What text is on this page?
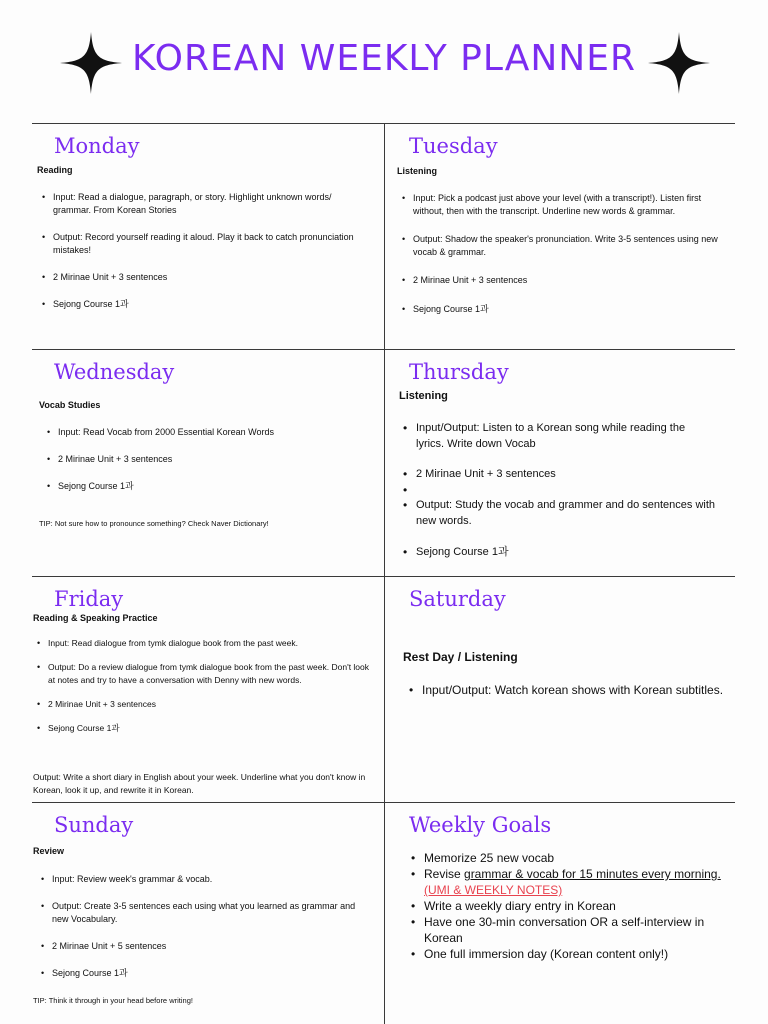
KOREAN WEEKLY PLANNER
Monday
Reading
• Input: Read a dialogue, paragraph, or story. Highlight unknown words/ grammar. From Korean Stories
• Output: Record yourself reading it aloud. Play it back to catch pronunciation mistakes!
• 2 Mirinae Unit + 3 sentences
• Sejong Course 1과
Tuesday
Listening
• Input: Pick a podcast just above your level (with a transcript!). Listen first without, then with the transcript. Underline new words & grammar.
• Output: Shadow the speaker's pronunciation. Write 3-5 sentences using new vocab & grammar.
• 2 Mirinae Unit + 3 sentences
• Sejong Course 1과
Wednesday
Vocab Studies
• Input: Read Vocab from 2000 Essential Korean Words
• 2 Mirinae Unit + 3 sentences
• Sejong Course 1과
TIP: Not sure how to pronounce something? Check Naver Dictionary!
Thursday
Listening
• Input/Output: Listen to a Korean song while reading the lyrics. Write down Vocab
• 2 Mirinae Unit + 3 sentences
•
• Output: Study the vocab and grammer and do sentences with new words.
• Sejong Course 1과
Friday
Reading & Speaking Practice
• Input: Read dialogue from tymk dialogue book from the past week.
• Output: Do a review dialogue from tymk dialogue book from the past week. Don't look at notes and try to have a conversation with Denny with new words.
• 2 Mirinae Unit + 3 sentences
• Sejong Course 1과
Output: Write a short diary in English about your week. Underline what you don't know in Korean, look it up, and rewrite it in Korean.
Saturday
Rest Day / Listening
• Input/Output: Watch korean shows with Korean subtitles.
Sunday
Review
• Input: Review week's grammar & vocab.
• Output: Create 3-5 sentences each using what you learned as grammar and new Vocabulary.
• 2 Mirinae Unit + 5 sentences
• Sejong Course 1과
TIP: Think it through in your head before writing!
Weekly Goals
• Memorize 25 new vocab
• Revise grammar & vocab for 15 minutes every morning.(UMI & WEEKLY NOTES)
• Write a weekly diary entry in Korean
• Have one 30-min conversation OR a self-interview in Korean
• One full immersion day (Korean content only!)
